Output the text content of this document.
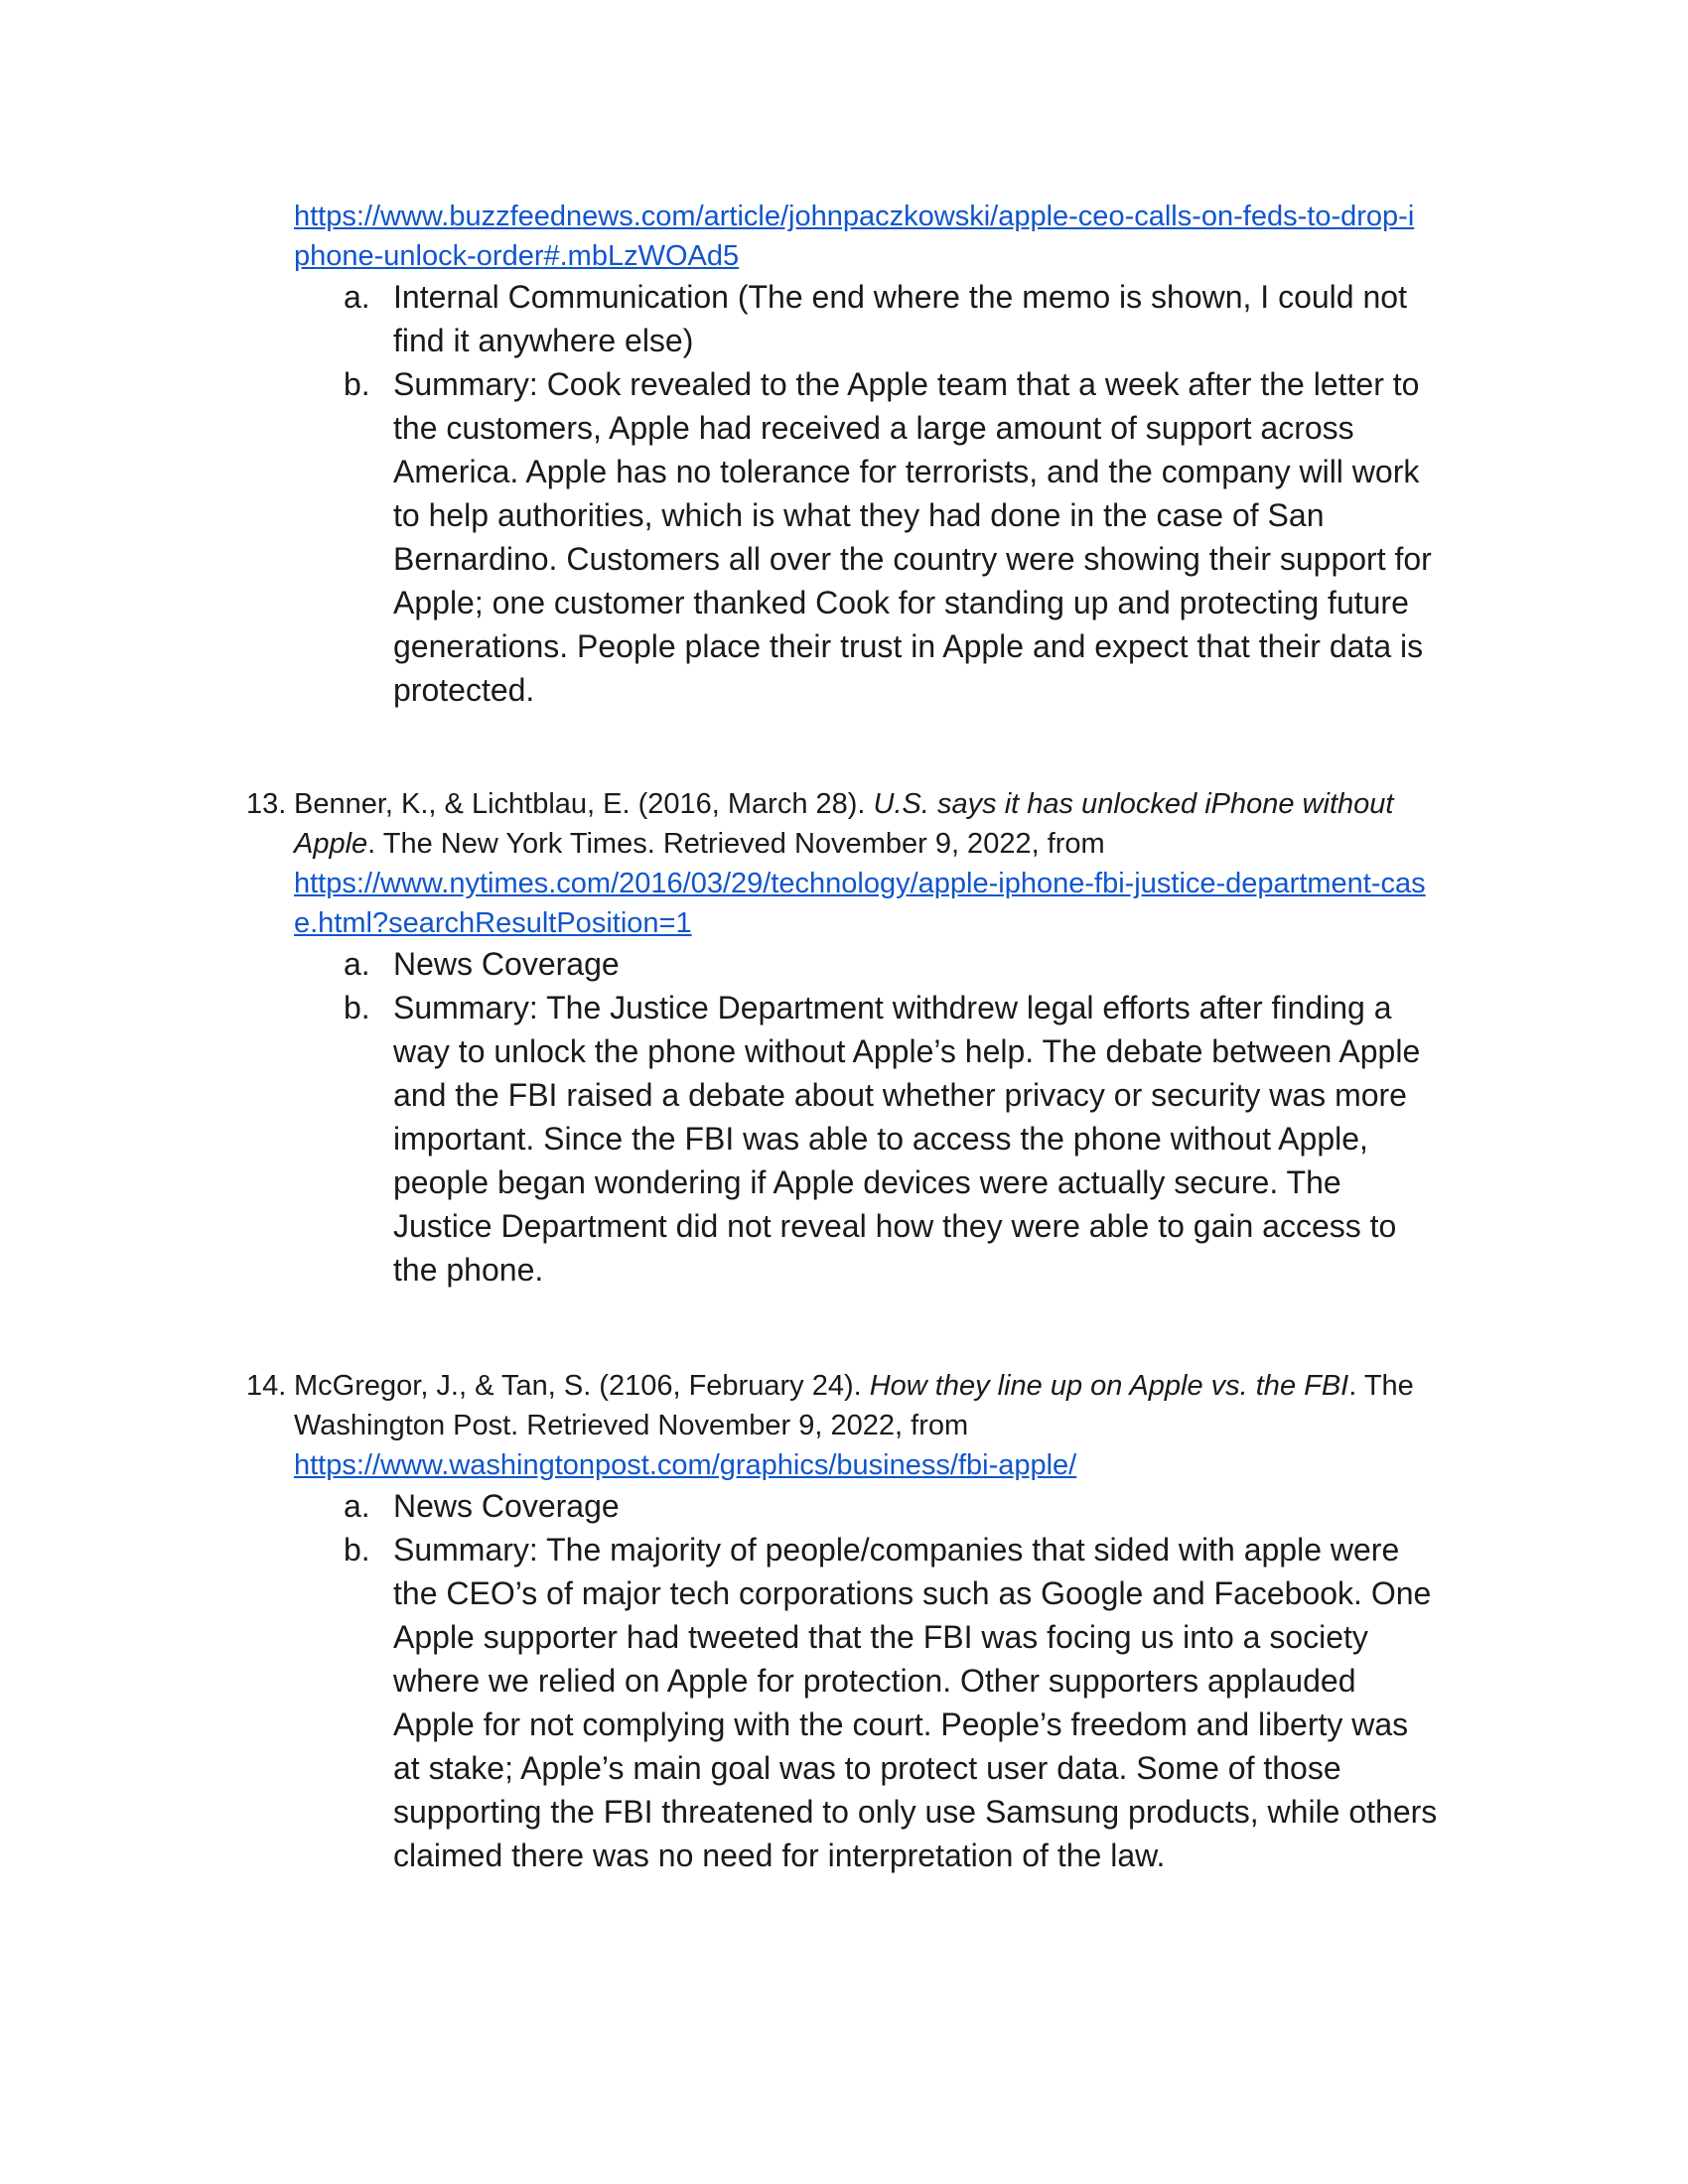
https://www.buzzfeednews.com/article/johnpaczkowski/apple-ceo-calls-on-feds-to-drop-i
phone-unlock-order#.mbLzWOAd5
a. Internal Communication (The end where the memo is shown, I could not
find it anywhere else)
b. Summary: Cook revealed to the Apple team that a week after the letter to
the customers, Apple had received a large amount of support across
America. Apple has no tolerance for terrorists, and the company will work
to help authorities, which is what they had done in the case of San
Bernardino. Customers all over the country were showing their support for
Apple; one customer thanked Cook for standing up and protecting future
generations. People place their trust in Apple and expect that their data is
protected.
13. Benner, K., & Lichtblau, E. (2016, March 28). U.S. says it has unlocked iPhone without
Apple. The New York Times. Retrieved November 9, 2022, from
https://www.nytimes.com/2016/03/29/technology/apple-iphone-fbi-justice-department-cas
e.html?searchResultPosition=1
a. News Coverage
b. Summary: The Justice Department withdrew legal efforts after finding a
way to unlock the phone without Apple’s help. The debate between Apple
and the FBI raised a debate about whether privacy or security was more
important. Since the FBI was able to access the phone without Apple,
people began wondering if Apple devices were actually secure. The
Justice Department did not reveal how they were able to gain access to
the phone.
14. McGregor, J., & Tan, S. (2106, February 24). How they line up on Apple vs. the FBI. The
Washington Post. Retrieved November 9, 2022, from
https://www.washingtonpost.com/graphics/business/fbi-apple/
a. News Coverage
b. Summary: The majority of people/companies that sided with apple were
the CEO’s of major tech corporations such as Google and Facebook. One
Apple supporter had tweeted that the FBI was focing us into a society
where we relied on Apple for protection. Other supporters applauded
Apple for not complying with the court. People’s freedom and liberty was
at stake; Apple’s main goal was to protect user data. Some of those
supporting the FBI threatened to only use Samsung products, while others
claimed there was no need for interpretation of the law.
